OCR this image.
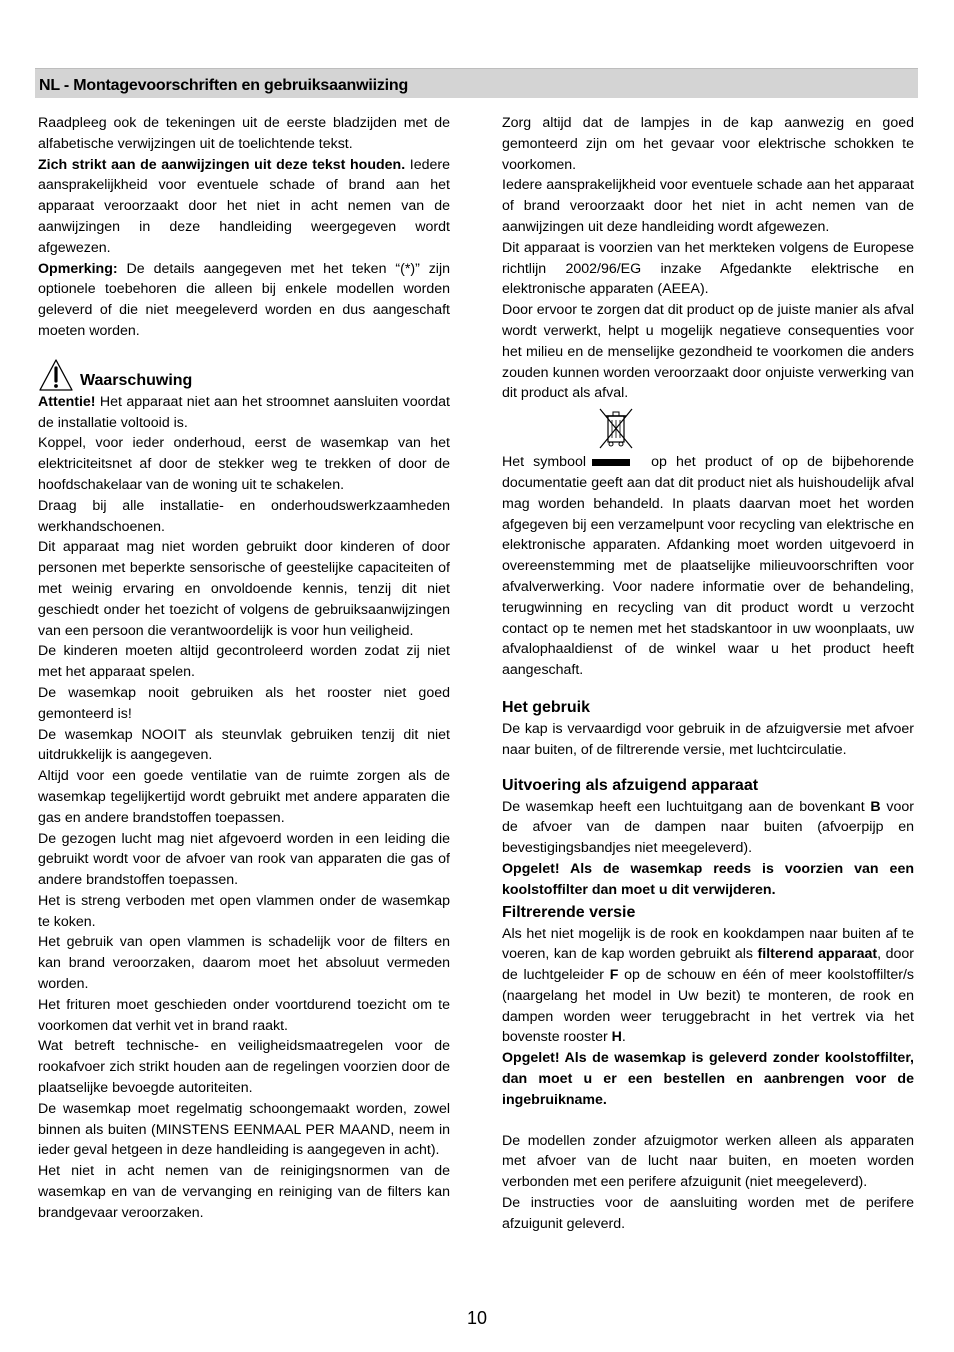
NL - Montagevoorschriften en gebruiksaanwiizing

Raadpleeg ook de tekeningen uit de eerste bladzijden met de alfabetische verwijzingen uit de toelichtende tekst.

Zich strikt aan de aanwijzingen uit deze tekst houden. Iedere aansprakelijkheid voor eventuele schade of brand aan het apparaat veroorzaakt door het niet in acht nemen van de aanwijzingen in deze handleiding weergegeven wordt afgewezen.

Opmerking: De details aangegeven met het teken “(*)” zijn optionele toebehoren die alleen bij enkele modellen worden geleverd of die niet meegeleverd worden en dus aangeschaft moeten worden.

Waarschuwing

Attentie! Het apparaat niet aan het stroomnet aansluiten voordat de installatie voltooid is.

Koppel, voor ieder onderhoud, eerst de wasemkap van het elektriciteitsnet af door de stekker weg te trekken of door de hoofdschakelaar van de woning uit te schakelen.

Draag bij alle installatie- en onderhoudswerkzaamheden werkhandschoenen.

Dit apparaat mag niet worden gebruikt door kinderen of door personen met beperkte sensorische of geestelijke capaciteiten of met weinig ervaring en onvoldoende kennis, tenzij dit niet geschiedt onder het toezicht of volgens de gebruiksaanwijzingen van een persoon die verantwoordelijk is voor hun veiligheid.

De kinderen moeten altijd gecontroleerd worden zodat zij niet met het apparaat spelen.

De wasemkap nooit gebruiken als het rooster niet goed gemonteerd is!

De wasemkap NOOIT als steunvlak gebruiken tenzij dit niet uitdrukkelijk is aangegeven.

Altijd voor een goede ventilatie van de ruimte zorgen als de wasemkap tegelijkertijd wordt gebruikt met andere apparaten die gas en andere brandstoffen toepassen.

De gezogen lucht mag niet afgevoerd worden in een leiding die gebruikt wordt voor de afvoer van rook van apparaten die gas of andere brandstoffen toepassen.

Het is streng verboden met open vlammen onder de wasemkap te koken.

Het gebruik van open vlammen is schadelijk voor de filters en kan brand veroorzaken, daarom moet het absoluut vermeden worden.

Het frituren moet geschieden onder voortdurend toezicht om te voorkomen dat verhit vet in brand raakt.

Wat betreft technische- en veiligheidsmaatregelen voor de rookafvoer zich strikt houden aan de regelingen voorzien door de plaatselijke bevoegde autoriteiten.

De wasemkap moet regelmatig schoongemaakt worden, zowel binnen als buiten (MINSTENS EENMAAL PER MAAND, neem in ieder geval hetgeen in deze handleiding is aangegeven in acht).

Het niet in acht nemen van de reinigingsnormen van de wasemkap en van de vervanging en reiniging van de filters kan brandgevaar veroorzaken.

Zorg altijd dat de lampjes in de kap aanwezig en goed gemonteerd zijn om het gevaar voor elektrische schokken te voorkomen.

Iedere aansprakelijkheid voor eventuele schade aan het apparaat of brand veroorzaakt door het niet in acht nemen van de aanwijzingen uit deze handleiding wordt afgewezen.

Dit apparaat is voorzien van het merkteken volgens de Europese richtlijn 2002/96/EG inzake Afgedankte elektrische en elektronische apparaten (AEEA).

Door ervoor te zorgen dat dit product op de juiste manier als afval wordt verwerkt, helpt u mogelijk negatieve consequenties voor het milieu en de menselijke gezondheid te voorkomen die anders zouden kunnen worden veroorzaakt door onjuiste verwerking van dit product als afval.

Het symbool	op het product of op de bijbehorende documentatie geeft aan dat dit product niet als huishoudelijk afval mag worden behandeld. In plaats daarvan moet het worden afgegeven bij een verzamelpunt voor recycling van elektrische en elektronische apparaten. Afdanking moet worden uitgevoerd in overeenstemming met de plaatselijke milieuvoorschriften voor afvalverwerking. Voor nadere informatie over de behandeling, terugwinning en recycling van dit product wordt u verzocht contact op te nemen met het stadskantoor in uw woonplaats, uw afvalophaaldienst of de winkel waar u het product heeft aangeschaft.

Het gebruik

De kap is vervaardigd voor gebruik in de afzuigversie met afvoer naar buiten, of de filtrerende versie, met luchtcirculatie.

Uitvoering als afzuigend apparaat

De wasemkap heeft een luchtuitgang aan de bovenkant B voor de afvoer van de dampen naar buiten (afvoerpijp en bevestigingsbandjes niet meegeleverd).

Opgelet! Als de wasemkap reeds is voorzien van een koolstoffilter dan moet u dit verwijderen.

Filtrerende versie

Als het niet mogelijk is de rook en kookdampen naar buiten af te voeren, kan de kap worden gebruikt als filterend apparaat, door de luchtgeleider F op de schouw en één of meer koolstoffilter/s (naargelang het model in Uw bezit) te monteren, de rook en dampen worden weer teruggebracht in het vertrek via het bovenste rooster H.

Opgelet! Als de wasemkap is geleverd zonder koolstoffilter, dan moet u er een bestellen en aanbrengen voor de ingebruikname.

De modellen zonder afzuigmotor werken alleen als apparaten met afvoer van de lucht naar buiten, en moeten worden verbonden met een perifere afzuigunit (niet meegeleverd).

De instructies voor de aansluiting worden met de perifere afzuigunit geleverd.

10
